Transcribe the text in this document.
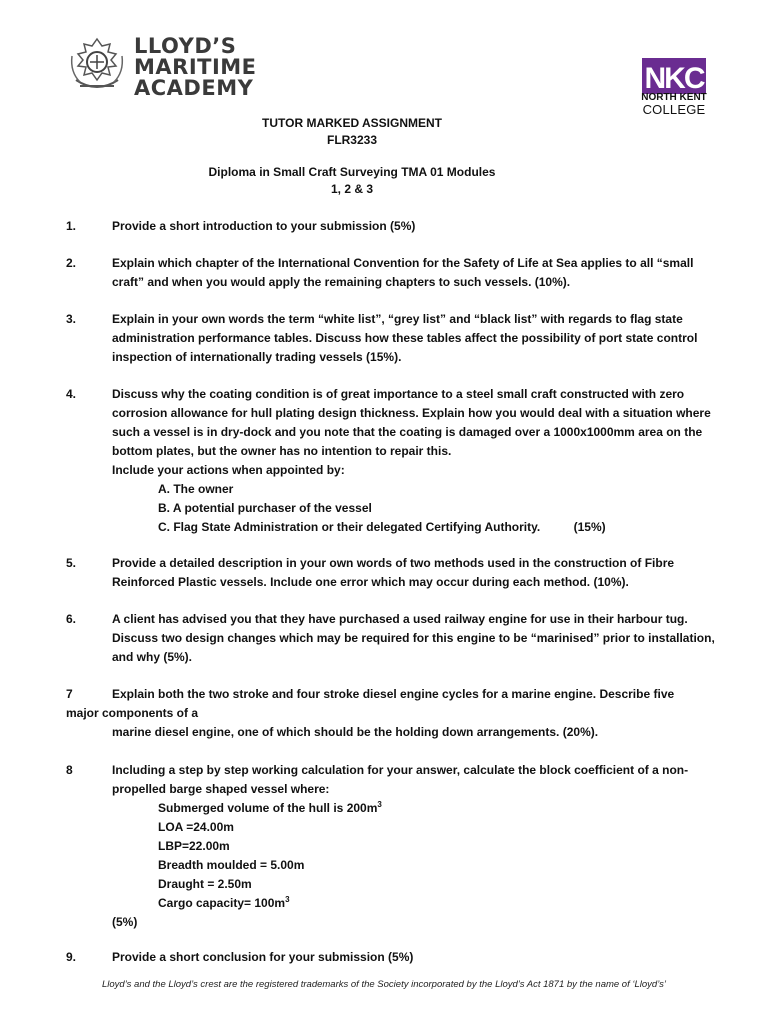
LLOYD’S
MARITIME
ACADEMY	NKC
NORTH KENT
COLLEGE
TUTOR MARKED ASSIGNMENT
FLR3233
Diploma in Small Craft Surveying TMA 01 Modules
1, 2 & 3
1.	Provide a short introduction to your submission (5%)
2.	Explain which chapter of the International Convention for the Safety of Life at Sea applies to all “small
craft” and when you would apply the remaining chapters to such vessels. (10%).
3.	Explain in your own words the term “white list”, “grey list” and “black list” with regards to flag state
administration performance tables. Discuss how these tables affect the possibility of port state control
inspection of internationally trading vessels (15%).
4.	Discuss why the coating condition is of great importance to a steel small craft constructed with zero
corrosion allowance for hull plating design thickness. Explain how you would deal with a situation where
such a vessel is in dry-dock and you note that the coating is damaged over a 1000x1000mm area on the
bottom plates, but the owner has no intention to repair this.
Include your actions when appointed by:
A. The owner
B. A potential purchaser of the vessel
C. Flag State Administration or their delegated Certifying Authority.          (15%)
5.	Provide a detailed description in your own words of two methods used in the construction of Fibre
Reinforced Plastic vessels. Include one error which may occur during each method. (10%).
6.	A client has advised you that they have purchased a used railway engine for use in their harbour tug.
Discuss two design changes which may be required for this engine to be “marinised” prior to installation,
and why (5%).
7	Explain both the two stroke and four stroke diesel engine cycles for a marine engine. Describe five
major components of a
marine diesel engine, one of which should be the holding down arrangements. (20%).
8	Including a step by step working calculation for your answer, calculate the block coefficient of a non-
propelled barge shaped vessel where:
Submerged volume of the hull is $200m^3$
LOA =24.00m
LBP=22.00m
Breadth moulded = 5.00m
Draught = 2.50m
Cargo capacity= $100m^3$
(5%)
9.	Provide a short conclusion for your submission (5%)
Lloyd’s and the Lloyd’s crest are the registered trademarks of the Society incorporated by the Lloyd’s Act 1871 by the name of ‘Lloyd’s’
